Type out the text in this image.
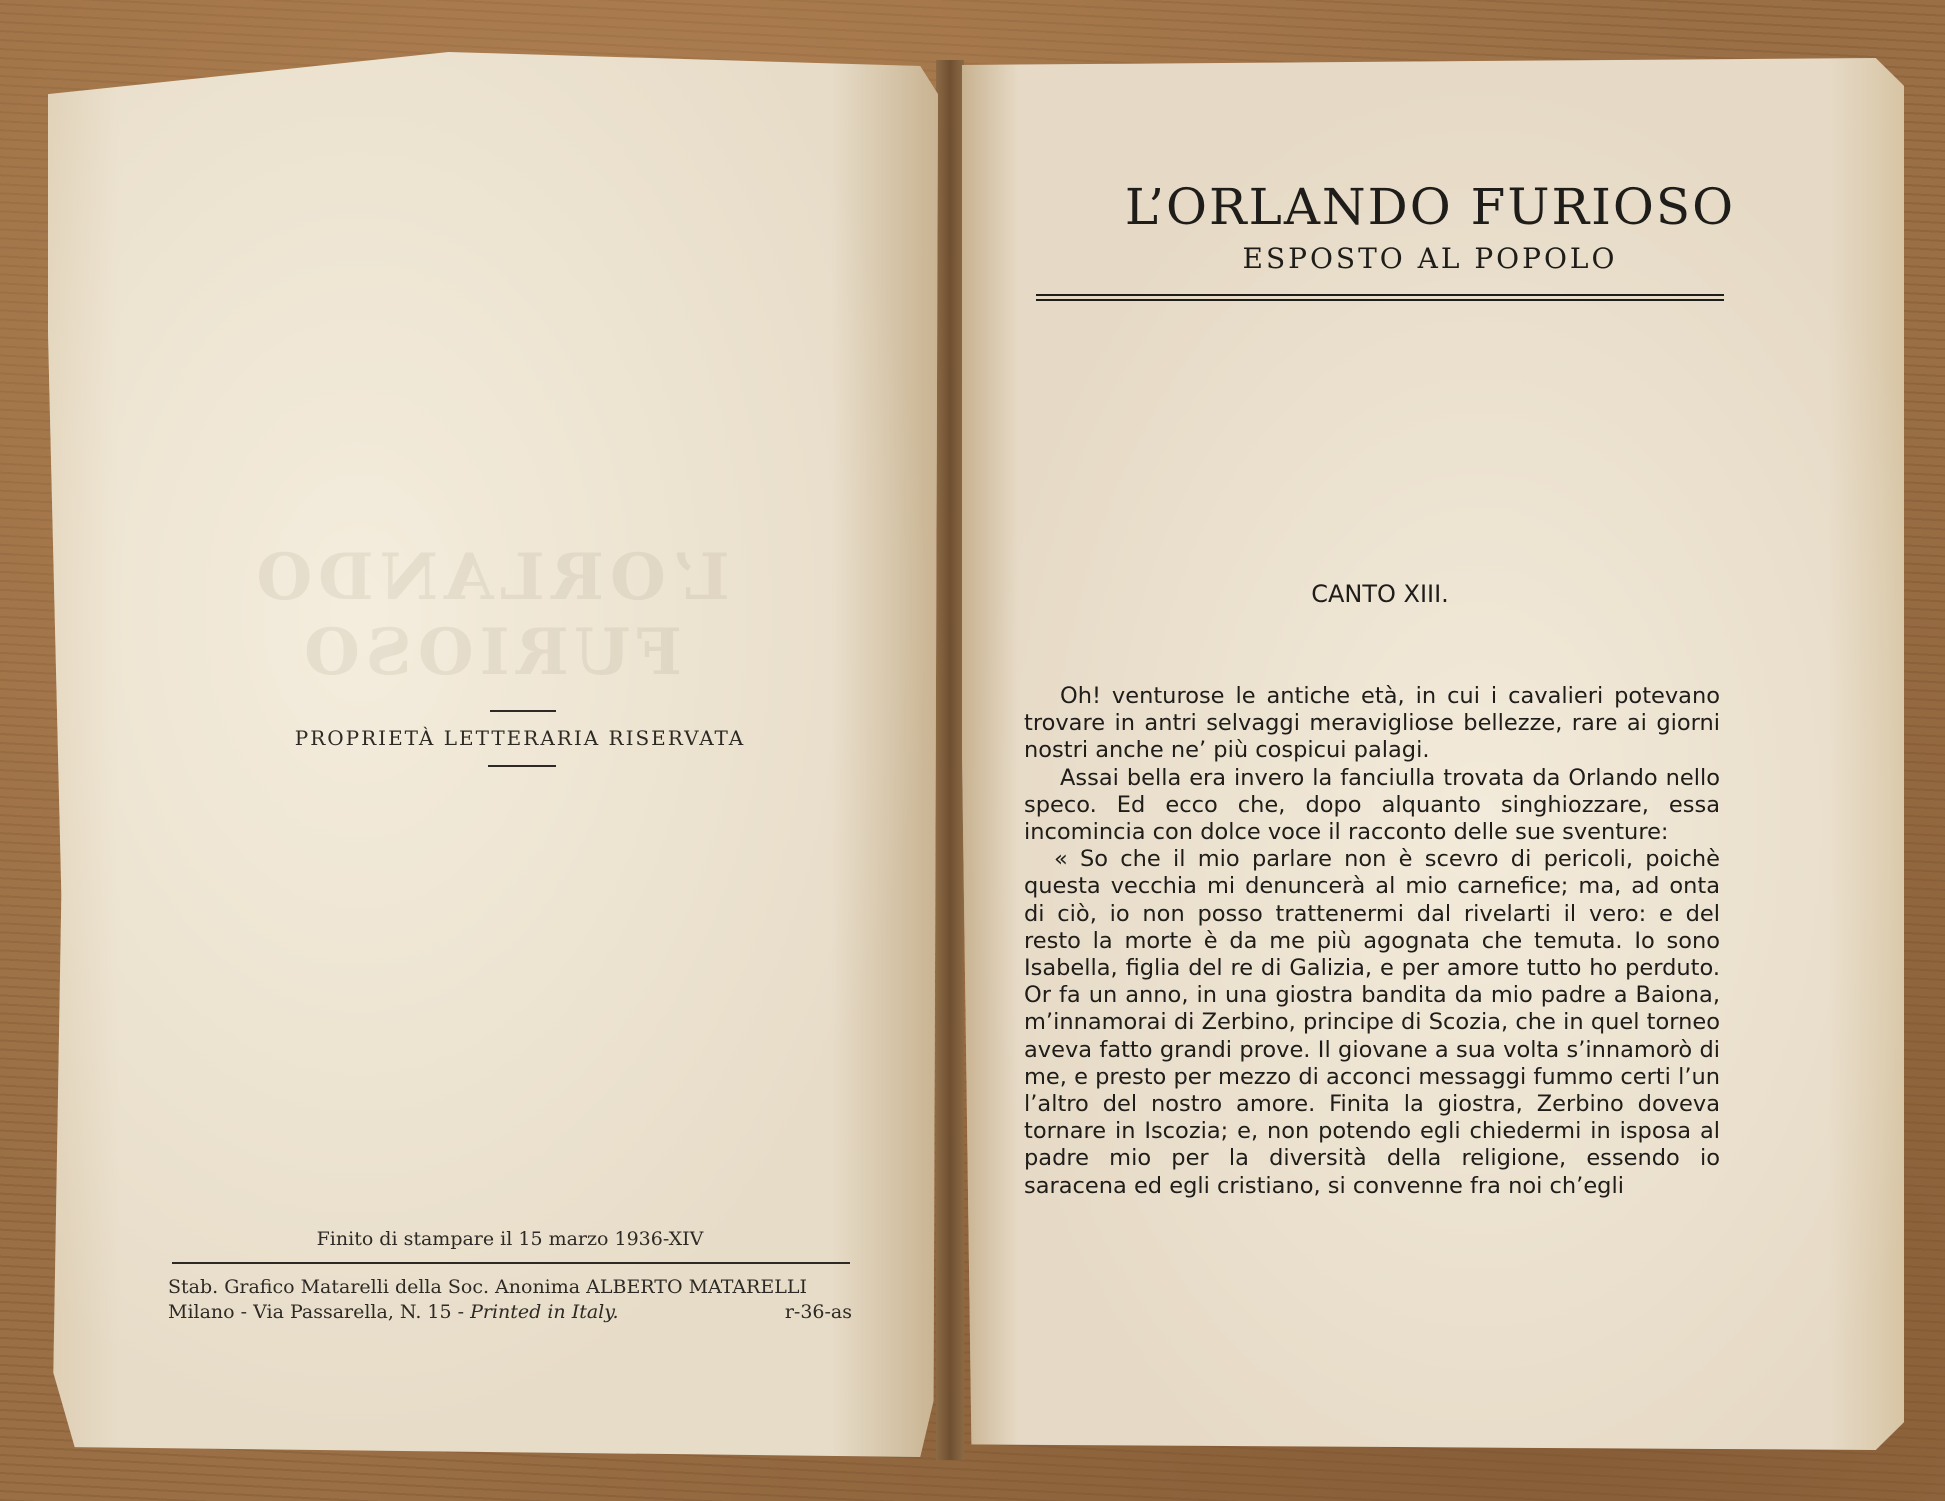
L’ORLANDO FURIOSO
PROPRIETÀ LETTERARIA RISERVATA
Finito di stampare il 15 marzo 1936-XIV
Stab. Grafico Matarelli della Soc. Anonima ALBERTO MATARELLI
Milano - Via Passarella, N. 15 - Printed in Italy.	r-36-as
L’ORLANDO FURIOSO
ESPOSTO AL POPOLO
CANTO XIII.

Oh! venturose le antiche età, in cui i cavalieri potevano trovare in antri selvaggi meravigliose bellezze, rare ai giorni nostri anche ne’ più cospicui palagi.

Assai bella era invero la fanciulla trovata da Orlando nello speco. Ed ecco che, dopo alquanto singhiozzare, essa incomincia con dolce voce il racconto delle sue sventure:

« So che il mio parlare non è scevro di pericoli, poichè questa vecchia mi denuncerà al mio carnefice; ma, ad onta di ciò, io non posso trattenermi dal rivelarti il vero: e del resto la morte è da me più agognata che temuta. Io sono Isabella, figlia del re di Galizia, e per amore tutto ho perduto. Or fa un anno, in una giostra bandita da mio padre a Baiona, m’innamorai di Zerbino, principe di Scozia, che in quel torneo aveva fatto grandi prove. Il giovane a sua volta s’innamorò di me, e presto per mezzo di acconci messaggi fummo certi l’un l’altro del nostro amore. Finita la giostra, Zerbino doveva tornare in Iscozia; e, non potendo egli chiedermi in isposa al padre mio per la diversità della religione, essendo io saracena ed egli cristiano, si convenne fra noi ch’egli
